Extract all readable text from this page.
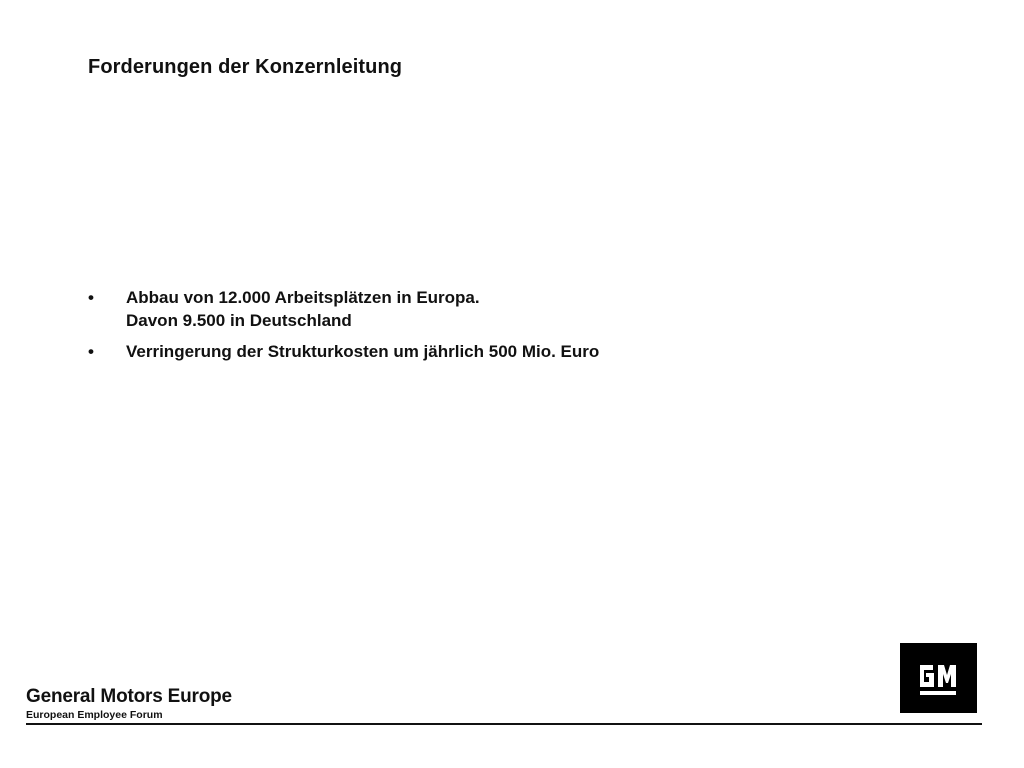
Forderungen der Konzernleitung
• Abbau von 12.000 Arbeitsplätzen in Europa.
Davon 9.500 in Deutschland
• Verringerung der Strukturkosten um jährlich 500 Mio. Euro
General Motors Europe
European Employee Forum
